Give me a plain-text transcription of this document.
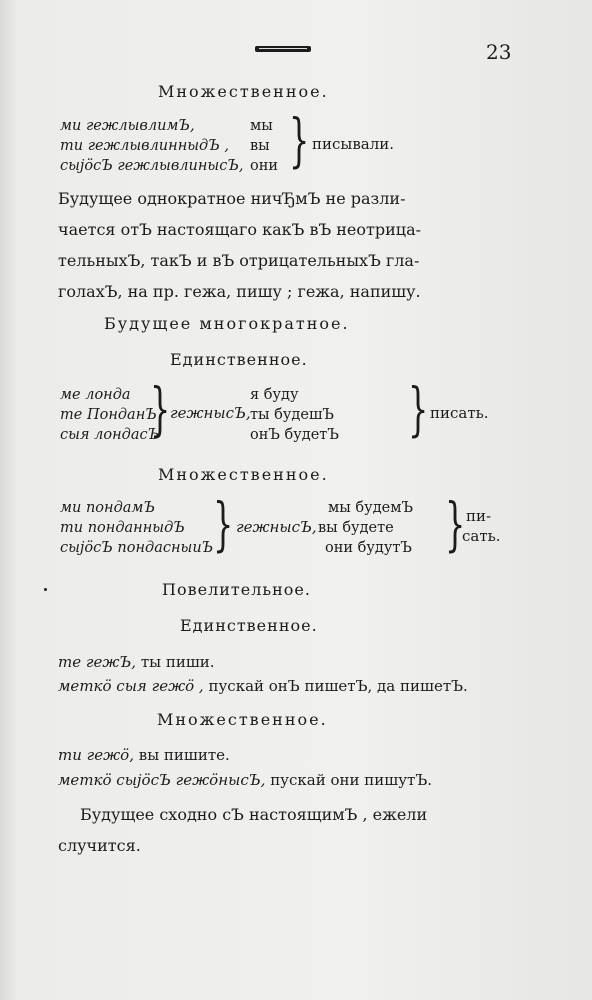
23
Множественное.
ми гежлывлимЪ,
ти гежлывлинныдЪ ,
сыјöсЪ гежлывлинысЪ,
мы
вы
они } писывали.
Будущее однократное ничЂмЪ не разли-
чается отЪ настоящаго какЪ вЪ неотрица-
тельныхЪ, такЪ и вЪ отрицательныхЪ гла-
голахЪ, на пр. гежа, пишу ; гежа, напишу.
Будущее многократное.
Единственное.
ме лонда
те ПонданЪ
сыя лондасЪ
} гежнысЪ,
я буду
ты будешЪ
онЪ будетЪ } писать.
Множественное.
ми пондамЪ
ти понданныдЪ
сыјöсЪ пондасныиЪ } гежнысЪ,
мы будемЪ
вы будете
они будутЪ } пи-
сать.
Повелительное.
Единственное.
те гежЪ, ты пиши.
меткö сыя гежö , пускай онЪ пишетЪ, да пишетЪ.
Множественное.
ти гежö, вы пишите.
меткö сыјöсЪ гежöнысЪ, пускай они пишутЪ.
Будущее сходно сЪ настоящимЪ , ежели
случится.
